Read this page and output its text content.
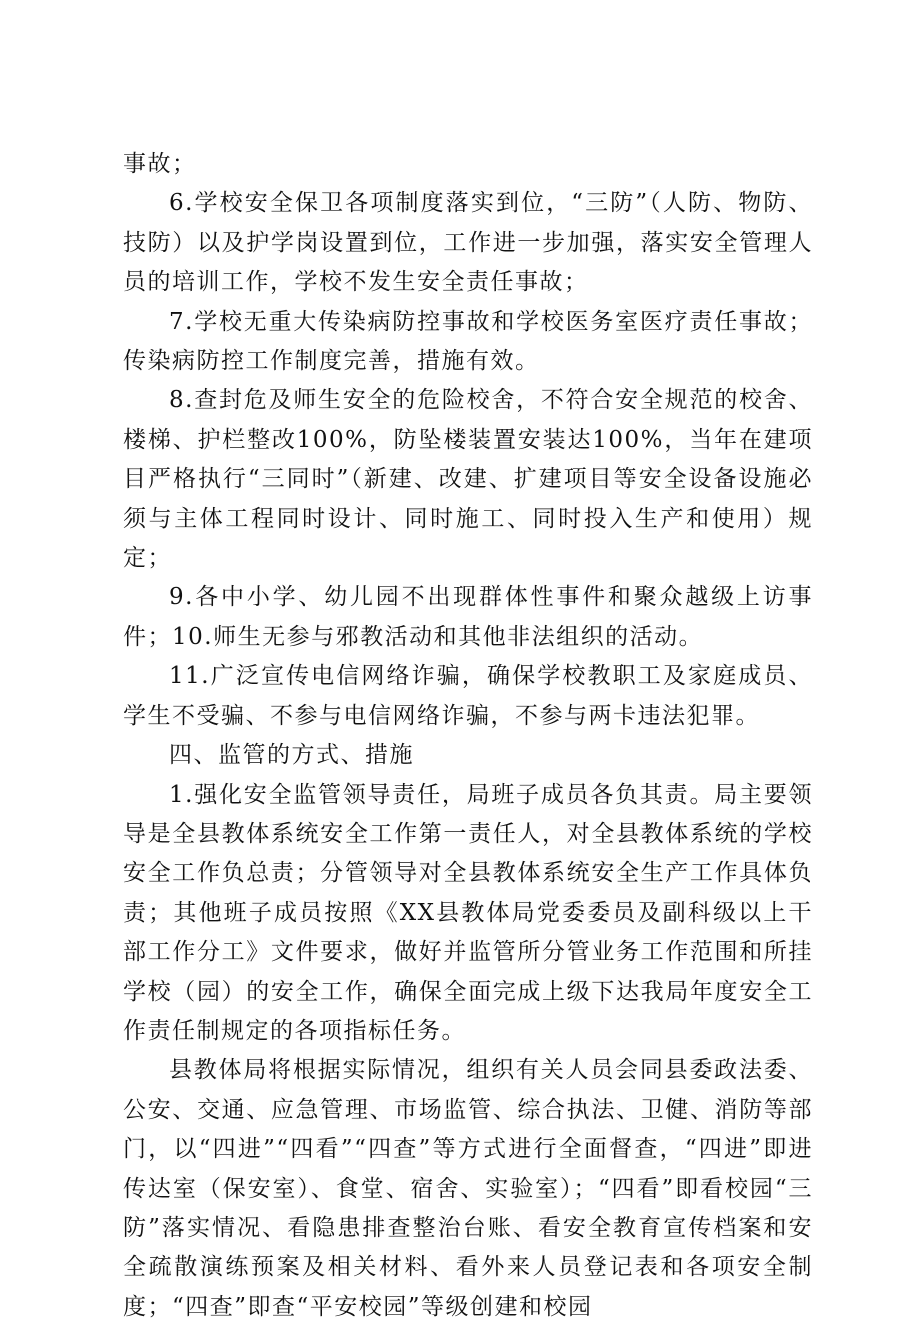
事故；

6.学校安全保卫各项制度落实到位，“三防”（人防、物防、技防）以及护学岗设置到位，工作进一步加强，落实安全管理人员的培训工作，学校不发生安全责任事故；

7.学校无重大传染病防控事故和学校医务室医疗责任事故；传染病防控工作制度完善，措施有效。

8.查封危及师生安全的危险校舍，不符合安全规范的校舍、楼梯、护栏整改100%，防坠楼装置安装达100%，当年在建项目严格执行“三同时”（新建、改建、扩建项目等安全设备设施必须与主体工程同时设计、同时施工、同时投入生产和使用）规定；

9.各中小学、幼儿园不出现群体性事件和聚众越级上访事件；10.师生无参与邪教活动和其他非法组织的活动。

11.广泛宣传电信网络诈骗，确保学校教职工及家庭成员、学生不受骗、不参与电信网络诈骗，不参与两卡违法犯罪。

四、监管的方式、措施

1.强化安全监管领导责任，局班子成员各负其责。局主要领导是全县教体系统安全工作第一责任人，对全县教体系统的学校 安全工作负总责；分管领导对全县教体系统安全生产工作具体负责；其他班子成员按照《XX县教体局党委委员及副科级以上干部工作分工》文件要求，做好并监管所分管业务工作范围和所挂学校（园）的安全工作，确保全面完成上级下达我局年度安全工作责任制规定的各项指标任务。

县教体局将根据实际情况，组织有关人员会同县委政法委、公安、交通、应急管理、市场监管、综合执法、卫健、消防等部门，以“四进”“四看”“四查”等方式进行全面督查，“四进”即进传达室（保安室）、食堂、宿舍、实验室）；“四看”即看校园“三防”落实情况、看隐患排查整治台账、看安全教育宣传档案和安全疏散演练预案及相关材料、看外来人员登记表和各项安全制度；“四查”即查“平安校园”等级创建和校园
